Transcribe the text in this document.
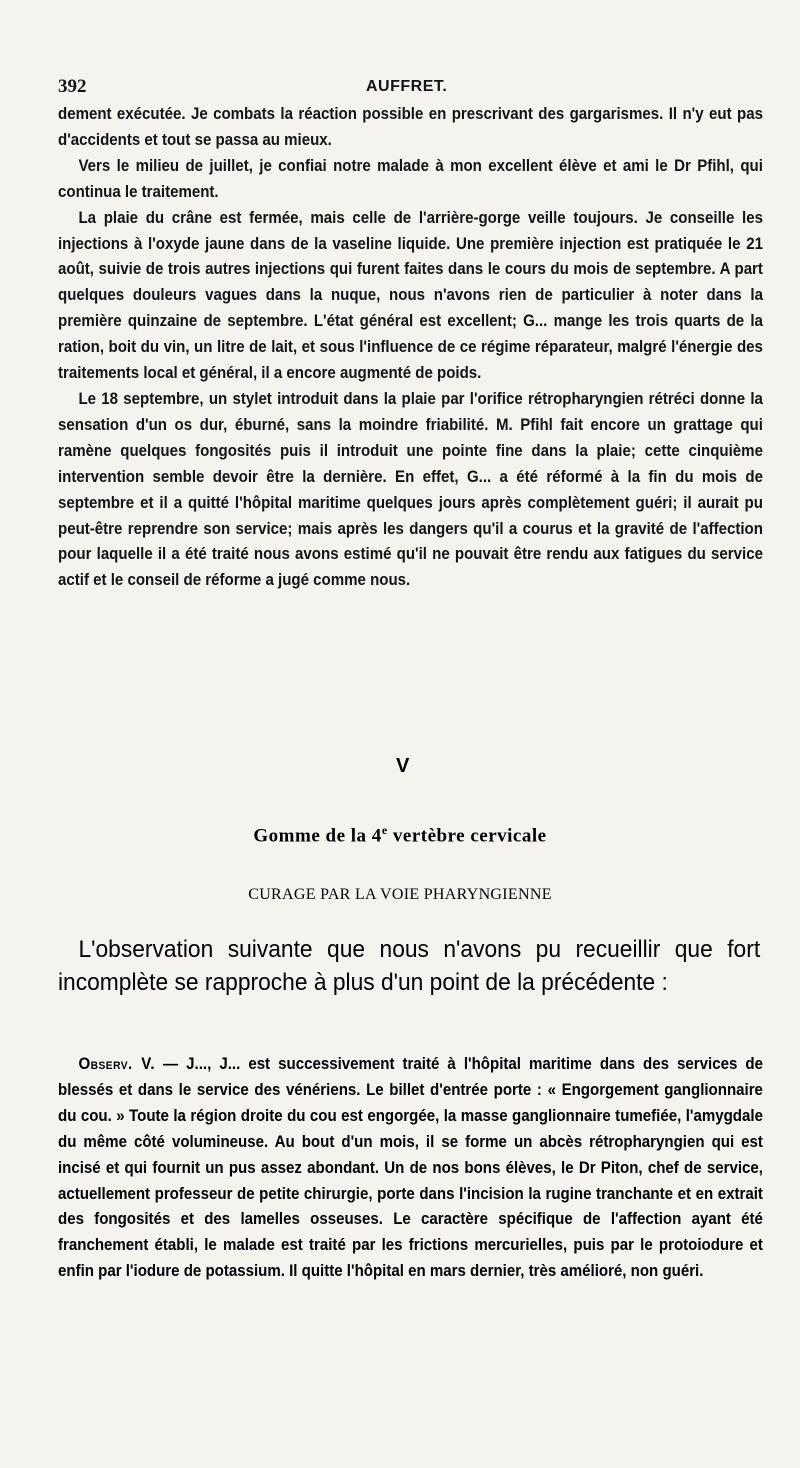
392	AUFFRET.

dement exécutée. Je combats la réaction possible en prescrivant des gargarismes. Il n'y eut pas d'accidents et tout se passa au mieux.

Vers le milieu de juillet, je confiai notre malade à mon excellent élève et ami le Dr Pfihl, qui continua le traitement.

La plaie du crâne est fermée, mais celle de l'arrière-gorge veille toujours. Je conseille les injections à l'oxyde jaune dans de la vaseline liquide. Une première injection est pratiquée le 21 août, suivie de trois autres injections qui furent faites dans le cours du mois de septembre. A part quelques douleurs vagues dans la nuque, nous n'avons rien de particulier à noter dans la première quinzaine de septembre. L'état général est excellent; G... mange les trois quarts de la ration, boit du vin, un litre de lait, et sous l'influence de ce régime réparateur, malgré l'énergie des traitements local et général, il a encore augmenté de poids.

Le 18 septembre, un stylet introduit dans la plaie par l'orifice rétropharyngien rétréci donne la sensation d'un os dur, éburné, sans la moindre friabilité. M. Pfihl fait encore un grattage qui ramène quelques fongosités puis il introduit une pointe fine dans la plaie; cette cinquième intervention semble devoir être la dernière. En effet, G... a été réformé à la fin du mois de septembre et il a quitté l'hôpital maritime quelques jours après complètement guéri; il aurait pu peut-être reprendre son service; mais après les dangers qu'il a courus et la gravité de l'affection pour laquelle il a été traité nous avons estimé qu'il ne pouvait être rendu aux fatigues du service actif et le conseil de réforme a jugé comme nous.

V
Gomme de la 4e vertèbre cervicale
CURAGE PAR LA VOIE PHARYNGIENNE
L'observation suivante que nous n'avons pu recueillir que fort incomplète se rapproche à plus d'un point de la précédente :
Observ. V. — J..., J... est successivement traité à l'hôpital maritime dans des services de blessés et dans le service des vénériens. Le billet d'entrée porte : « Engorgement ganglionnaire du cou. » Toute la région droite du cou est engorgée, la masse ganglionnaire tumefiée, l'amygdale du même côté volumineuse. Au bout d'un mois, il se forme un abcès rétropharyngien qui est incisé et qui fournit un pus assez abondant. Un de nos bons élèves, le Dr Piton, chef de service, actuellement professeur de petite chirurgie, porte dans l'incision la rugine tranchante et en extrait des fongosités et des lamelles osseuses. Le caractère spécifique de l'affection ayant été franchement établi, le malade est traité par les frictions mercurielles, puis par le protoiodure et enfin par l'iodure de potassium. Il quitte l'hôpital en mars dernier, très amélioré, non guéri.
